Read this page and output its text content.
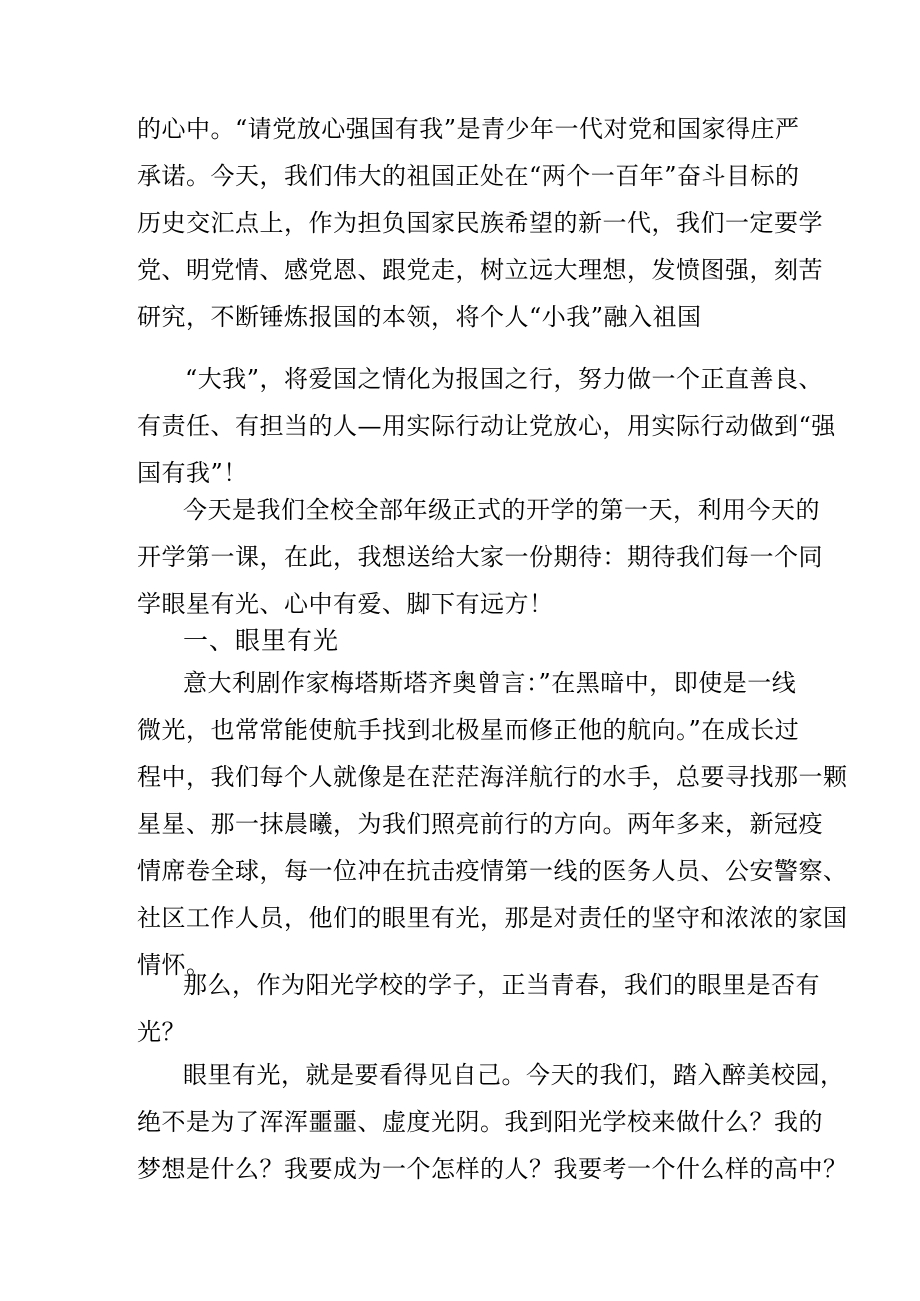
的心中。“请党放心强国有我”是青少年一代对党和国家得庄严
承诺。今天，我们伟大的祖国正处在“两个一百年”奋斗目标的
历史交汇点上，作为担负国家民族希望的新一代，我们一定要学
党、明党情、感党恩、跟党走，树立远大理想，发愤图强，刻苦
研究，不断锤炼报国的本领，将个人“小我”融入祖国
“大我”，将爱国之情化为报国之行，努力做一个正直善良、
有责任、有担当的人—用实际行动让党放心，用实际行动做到“强
国有我”！
今天是我们全校全部年级正式的开学的第一天，利用今天的
开学第一课，在此，我想送给大家一份期待：期待我们每一个同
学眼星有光、心中有爱、脚下有远方！
一、眼里有光
意大利剧作家梅塔斯塔齐奥曾言：”在黑暗中，即使是一线
微光，也常常能使航手找到北极星而修正他的航向。”在成长过
程中，我们每个人就像是在茫茫海洋航行的水手，总要寻找那一颗
星星、那一抹晨曦，为我们照亮前行的方向。两年多来，新冠疫
情席卷全球，每一位冲在抗击疫情第一线的医务人员、公安警察、
社区工作人员，他们的眼里有光，那是对责任的坚守和浓浓的家国
情怀。
那么，作为阳光学校的学子，正当青春，我们的眼里是否有
光？
眼里有光，就是要看得见自己。今天的我们，踏入醉美校园，
绝不是为了浑浑噩噩、虚度光阴。我到阳光学校来做什么？我的
梦想是什么？我要成为一个怎样的人？我要考一个什么样的高中？
